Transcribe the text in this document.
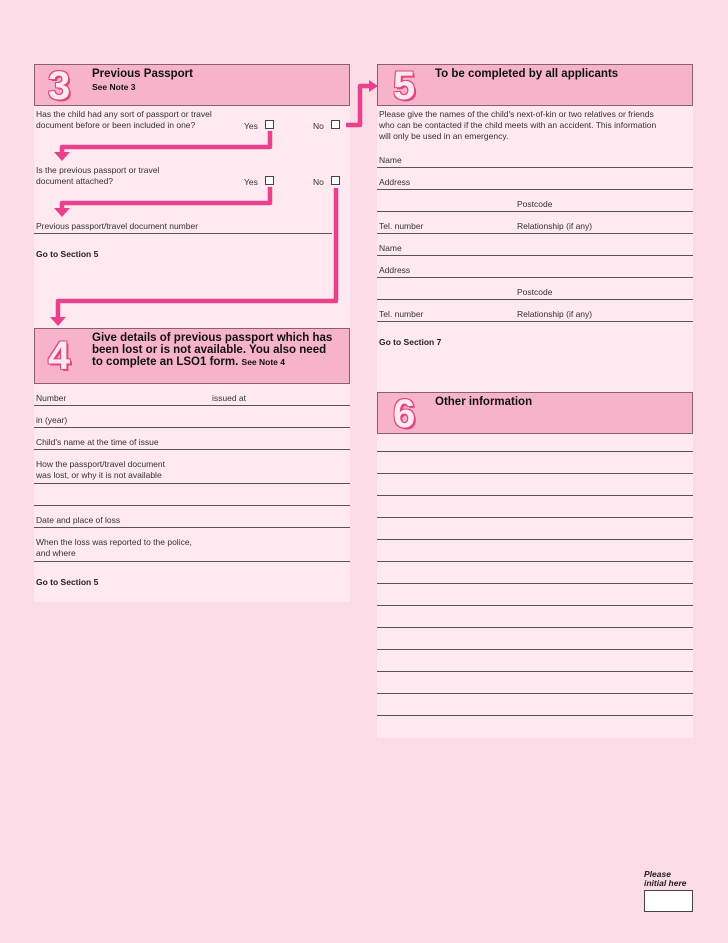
3 Previous Passport
See Note 3
Has the child had any sort of passport or travel
document before or been included in one?	Yes	No
Is the previous passport or travel
document attached?	Yes	No
Previous passport/travel document number
Go to Section 5
4 Give details of previous passport which has
been lost or is not available. You also need
to complete an LSO1 form. See Note 4
Number	issued at
in (year)
Child's name at the time of issue
How the passport/travel document
was lost, or why it is not available
Date and place of loss
When the loss was reported to the police,
and where
Go to Section 5
5 To be completed by all applicants
Please give the names of the child's next-of-kin or two relatives or friends
who can be contacted if the child meets with an accident. This information
will only be used in an emergency.
Name
Address
Postcode
Tel. number	Relationship (if any)
Name
Address
Postcode
Tel. number	Relationship (if any)
Go to Section 7
6 Other information
Please
initial here
